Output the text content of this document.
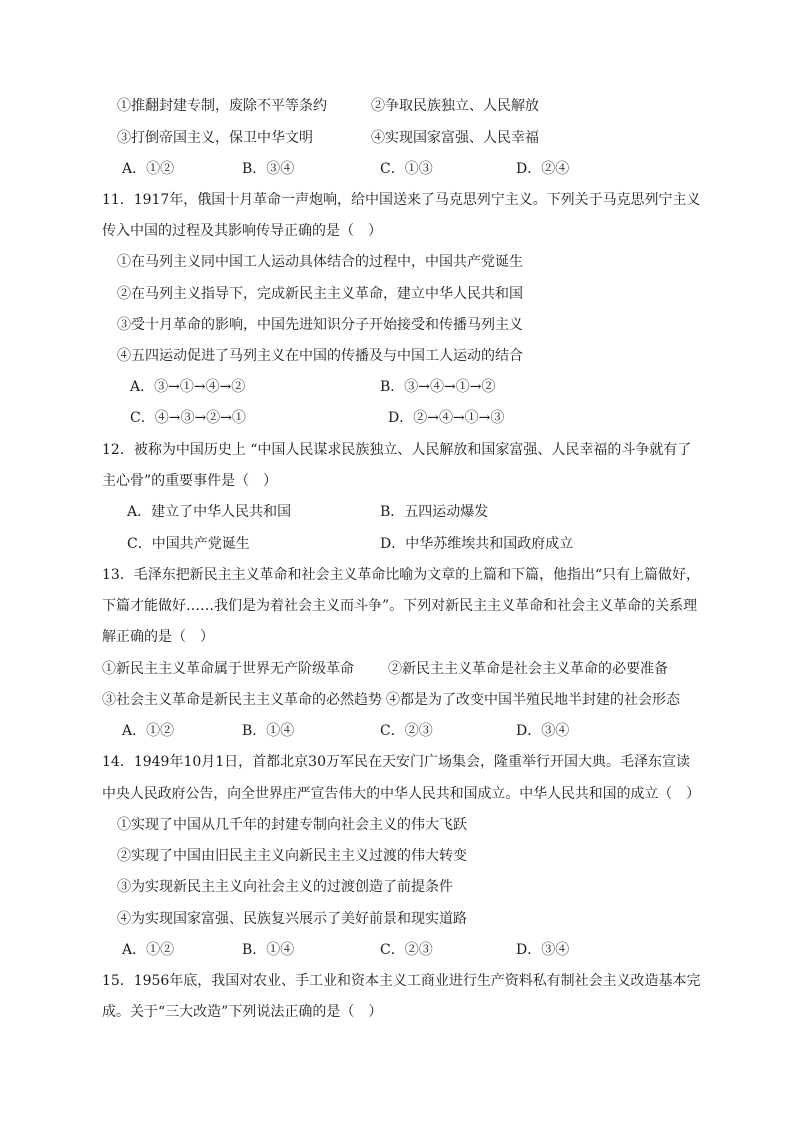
①推翻封建专制，废除不平等条约	②争取民族独立、人民解放
③打倒帝国主义，保卫中华文明	④实现国家富强、人民幸福
A．①②	B．③④	C．①③	D．②④
11．1917年，俄国十月革命一声炮响，给中国送来了马克思列宁主义。下列关于马克思列宁主义
传入中国的过程及其影响传导正确的是（　）
①在马列主义同中国工人运动具体结合的过程中，中国共产党诞生
②在马列主义指导下，完成新民主主义革命，建立中华人民共和国
③受十月革命的影响，中国先进知识分子开始接受和传播马列主义
④五四运动促进了马列主义在中国的传播及与中国工人运动的结合
A．③→①→④→②	B．③→④→①→②
C．④→③→②→①	D．②→④→①→③
12．被称为中国历史上 “中国人民谋求民族独立、人民解放和国家富强、人民幸福的斗争就有了
主心骨”的重要事件是（　）
A．建立了中华人民共和国	B．五四运动爆发
C．中国共产党诞生	D．中华苏维埃共和国政府成立
13．毛泽东把新民主主义革命和社会主义革命比喻为文章的上篇和下篇，他指出“只有上篇做好，
下篇才能做好……我们是为着社会主义而斗争”。下列对新民主主义革命和社会主义革命的关系理
解正确的是（　）
①新民主主义革命属于世界无产阶级革命 ②新民主主义革命是社会主义革命的必要准备
③社会主义革命是新民主主义革命的必然趋势 ④都是为了改变中国半殖民地半封建的社会形态
A．①②	B．①④	C．②③	D．③④
14．1949年10月1日，首都北京30万军民在天安门广场集会，隆重举行开国大典。毛泽东宣读
中央人民政府公告，向全世界庄严宣告伟大的中华人民共和国成立。中华人民共和国的成立（　）
①实现了中国从几千年的封建专制向社会主义的伟大飞跃
②实现了中国由旧民主主义向新民主主义过渡的伟大转变
③为实现新民主主义向社会主义的过渡创造了前提条件
④为实现国家富强、民族复兴展示了美好前景和现实道路
A．①②	B．①④	C．②③	D．③④
15．1956年底，我国对农业、手工业和资本主义工商业进行生产资料私有制社会主义改造基本完
成。关于“三大改造”下列说法正确的是（　）
